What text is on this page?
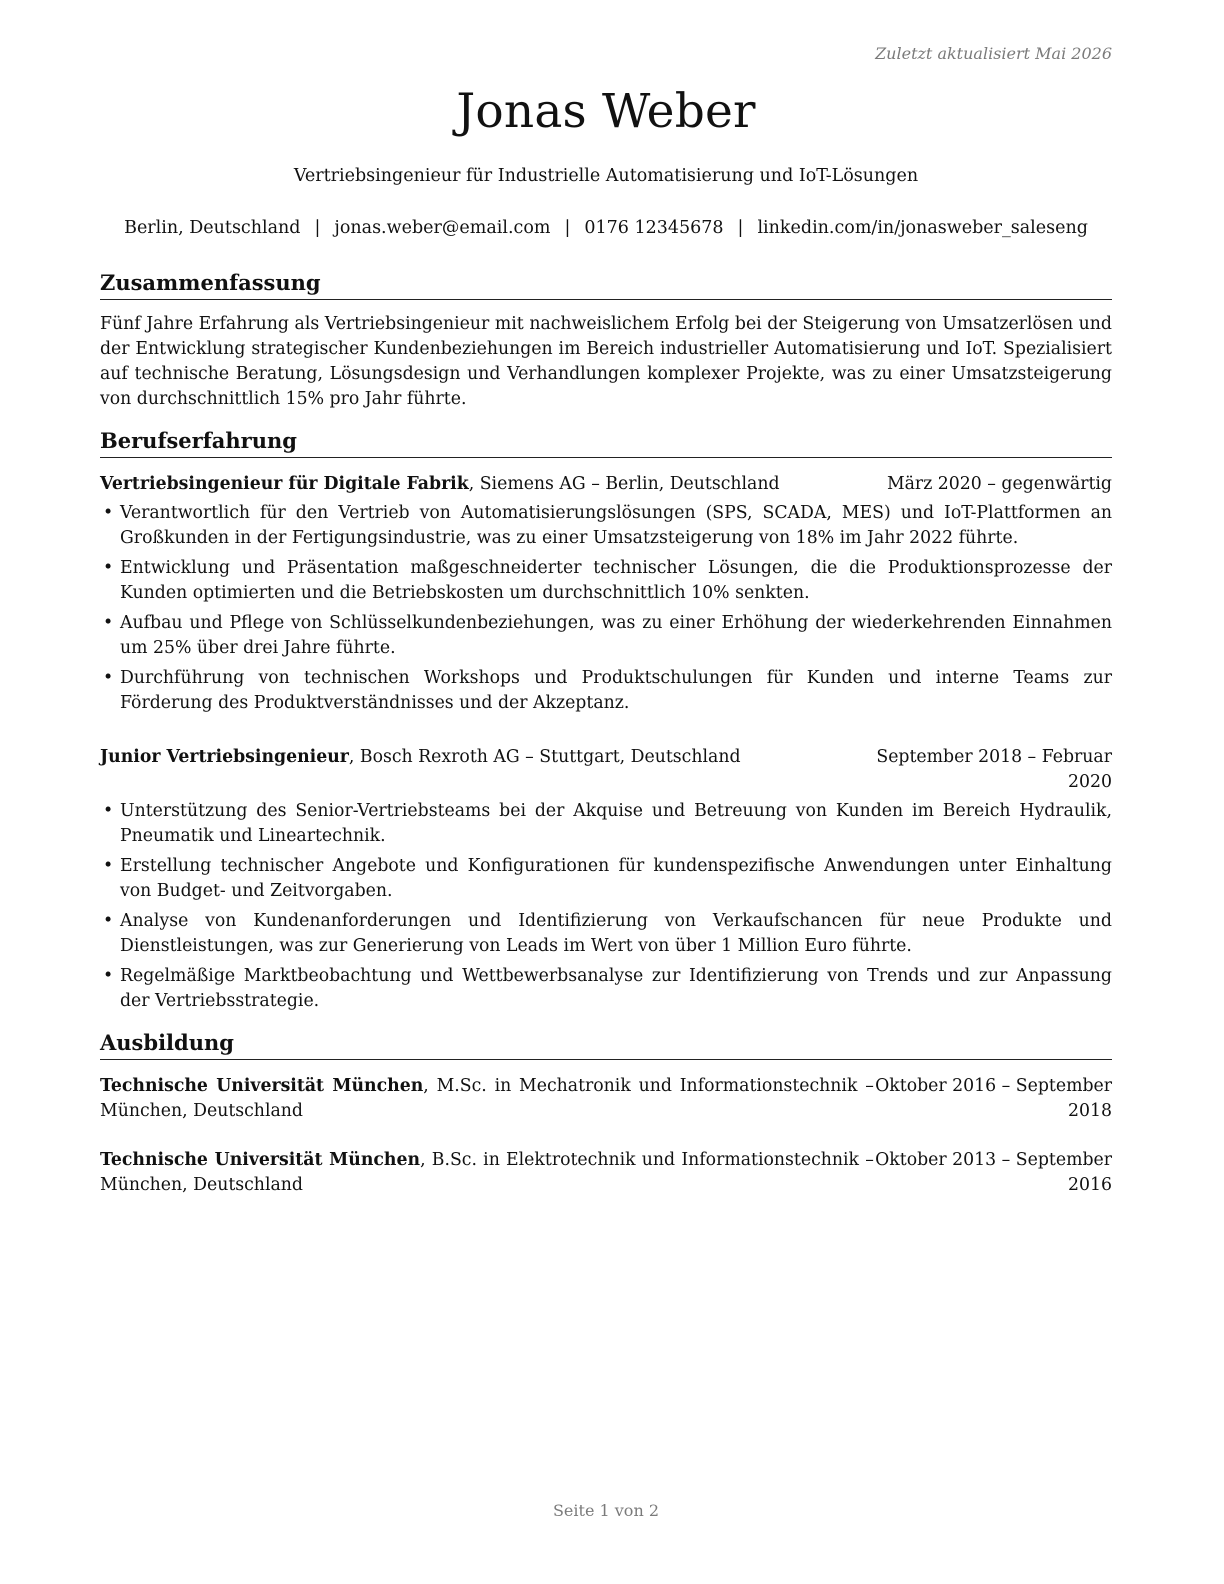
Zuletzt aktualisiert Mai 2026
Jonas Weber
Vertriebsingenieur für Industrielle Automatisierung und IoT-Lösungen
Berlin, Deutschland | jonas.weber@email.com | 0176 12345678 | linkedin.com/in/jonasweber_saleseng
Zusammenfassung

Fünf Jahre Erfahrung als Vertriebsingenieur mit nachweislichem Erfolg bei der Steigerung von Umsatzerlösen und der Entwicklung strategischer Kundenbeziehungen im Bereich industrieller Automatisierung und IoT. Spezialisiert auf technische Beratung, Lösungsdesign und Verhandlungen komplexer Projekte, was zu einer Umsatzsteigerung von durchschnittlich 15% pro Jahr führte.

Berufserfahrung
Vertriebsingenieur für Digitale Fabrik, Siemens AG – Berlin, Deutschland	März 2020 – gegenwärtig
• Verantwortlich für den Vertrieb von Automatisierungslösungen (SPS, SCADA, MES) und IoT-Plattformen an Großkunden in der Fertigungsindustrie, was zu einer Umsatzsteigerung von 18% im Jahr 2022 führte.
• Entwicklung und Präsentation maßgeschneiderter technischer Lösungen, die die Produktionsprozesse der Kunden optimierten und die Betriebskosten um durchschnittlich 10% senkten.
• Aufbau und Pflege von Schlüsselkundenbeziehungen, was zu einer Erhöhung der wiederkehrenden Einnahmen um 25% über drei Jahre führte.
• Durchführung von technischen Workshops und Produktschulungen für Kunden und interne Teams zur Förderung des Produktverständnisses und der Akzeptanz.
Junior Vertriebsingenieur, Bosch Rexroth AG – Stuttgart, Deutschland	September 2018 – Februar 2020
• Unterstützung des Senior-Vertriebsteams bei der Akquise und Betreuung von Kunden im Bereich Hydraulik, Pneumatik und Lineartechnik.
• Erstellung technischer Angebote und Konfigurationen für kundenspezifische Anwendungen unter Einhaltung von Budget- und Zeitvorgaben.
• Analyse von Kundenanforderungen und Identifizierung von Verkaufschancen für neue Produkte und Dienstleistungen, was zur Generierung von Leads im Wert von über 1 Million Euro führte.
• Regelmäßige Marktbeobachtung und Wettbewerbsanalyse zur Identifizierung von Trends und zur Anpassung der Vertriebsstrategie.
Ausbildung
Technische Universität München, M.Sc. in Mechatronik und Informationstechnik – München, Deutschland
Oktober 2016 – September 2018
Technische Universität München, B.Sc. in Elektrotechnik und Informationstechnik – München, Deutschland
Oktober 2013 – September 2016
Seite 1 von 2
